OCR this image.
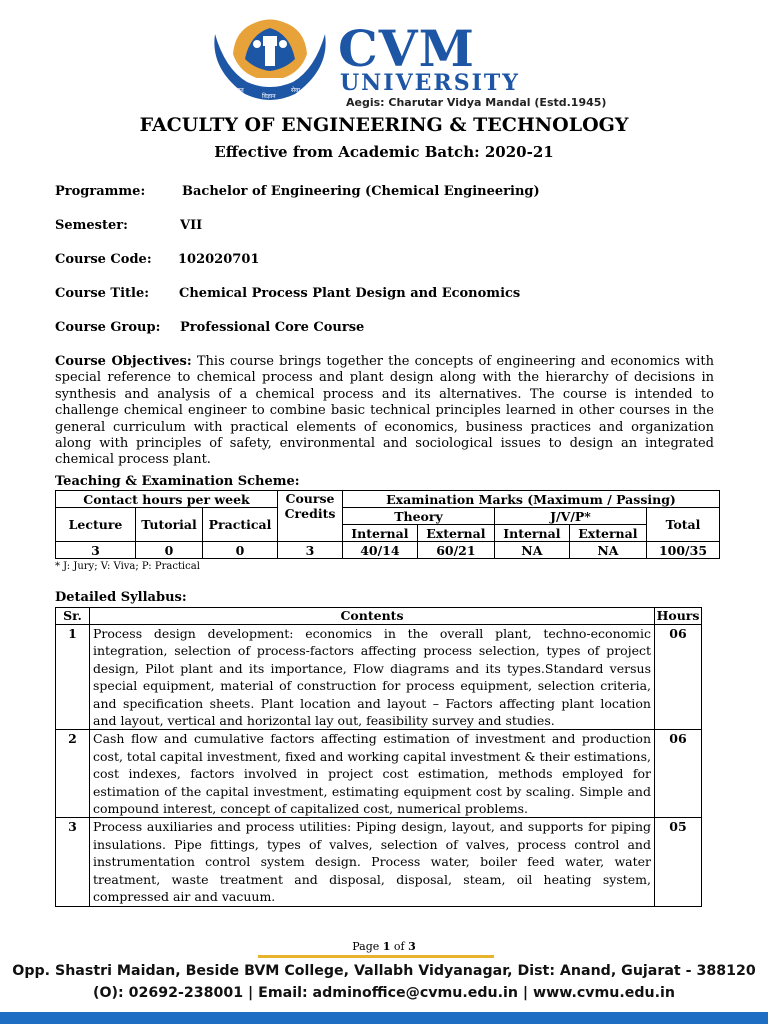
ज्ञान
विज्ञान
सेवा
CVM
UNIVERSITY
Aegis: Charutar Vidya Mandal (Estd.1945)
FACULTY OF ENGINEERING & TECHNOLOGY
Effective from Academic Batch: 2020-21
Programme:	Bachelor of Engineering (Chemical Engineering)
Semester:	VII
Course Code: 102020701
Course Title: Chemical Process Plant Design and Economics
Course Group: Professional Core Course
Course Objectives: This course brings together the concepts of engineering and economics with special reference to chemical process and plant design along with the hierarchy of decisions in synthesis and analysis of a chemical process and its alternatives. The course is intended to challenge chemical engineer to combine basic technical principles learned in other courses in the general curriculum with practical elements of economics, business practices and organization along with principles of safety, environmental and sociological issues to design an integrated chemical process plant.
Teaching & Examination Scheme:
Contact hours per week			Course Credits	Examination Marks (Maximum / Passing)				
Lecture	Tutorial	Practical		Theory		J/V/P*		Total
				Internal	External	Internal	External	
3	0	0	3	40/14	60/21	NA	NA	100/35
* J: Jury; V: Viva; P: Practical
Detailed Syllabus:
Sr.	Contents	Hours
1	Process design development: economics in the overall plant, techno-economic integration, selection of process-factors affecting process selection, types of project design, Pilot plant and its importance, Flow diagrams and its types.Standard versus special equipment, material of construction for process equipment, selection criteria, and specification sheets. Plant location and layout – Factors affecting plant location and layout, vertical and horizontal lay out, feasibility survey and studies.	06
2	Cash flow and cumulative factors affecting estimation of investment and production cost, total capital investment, fixed and working capital investment & their estimations, cost indexes, factors involved in project cost estimation, methods employed for estimation of the capital investment, estimating equipment cost by scaling. Simple and compound interest, concept of capitalized cost, numerical problems.	06
3	Process auxiliaries and process utilities: Piping design, layout, and supports for piping insulations. Pipe fittings, types of valves, selection of valves, process control and instrumentation control system design. Process water, boiler feed water, water treatment, waste treatment and disposal, disposal, steam, oil heating system, compressed air and vacuum.	05
Page 1 of 3
Opp. Shastri Maidan, Beside BVM College, Vallabh Vidyanagar, Dist: Anand, Gujarat - 388120
(O): 02692-238001 | Email: adminoffice@cvmu.edu.in | www.cvmu.edu.in
